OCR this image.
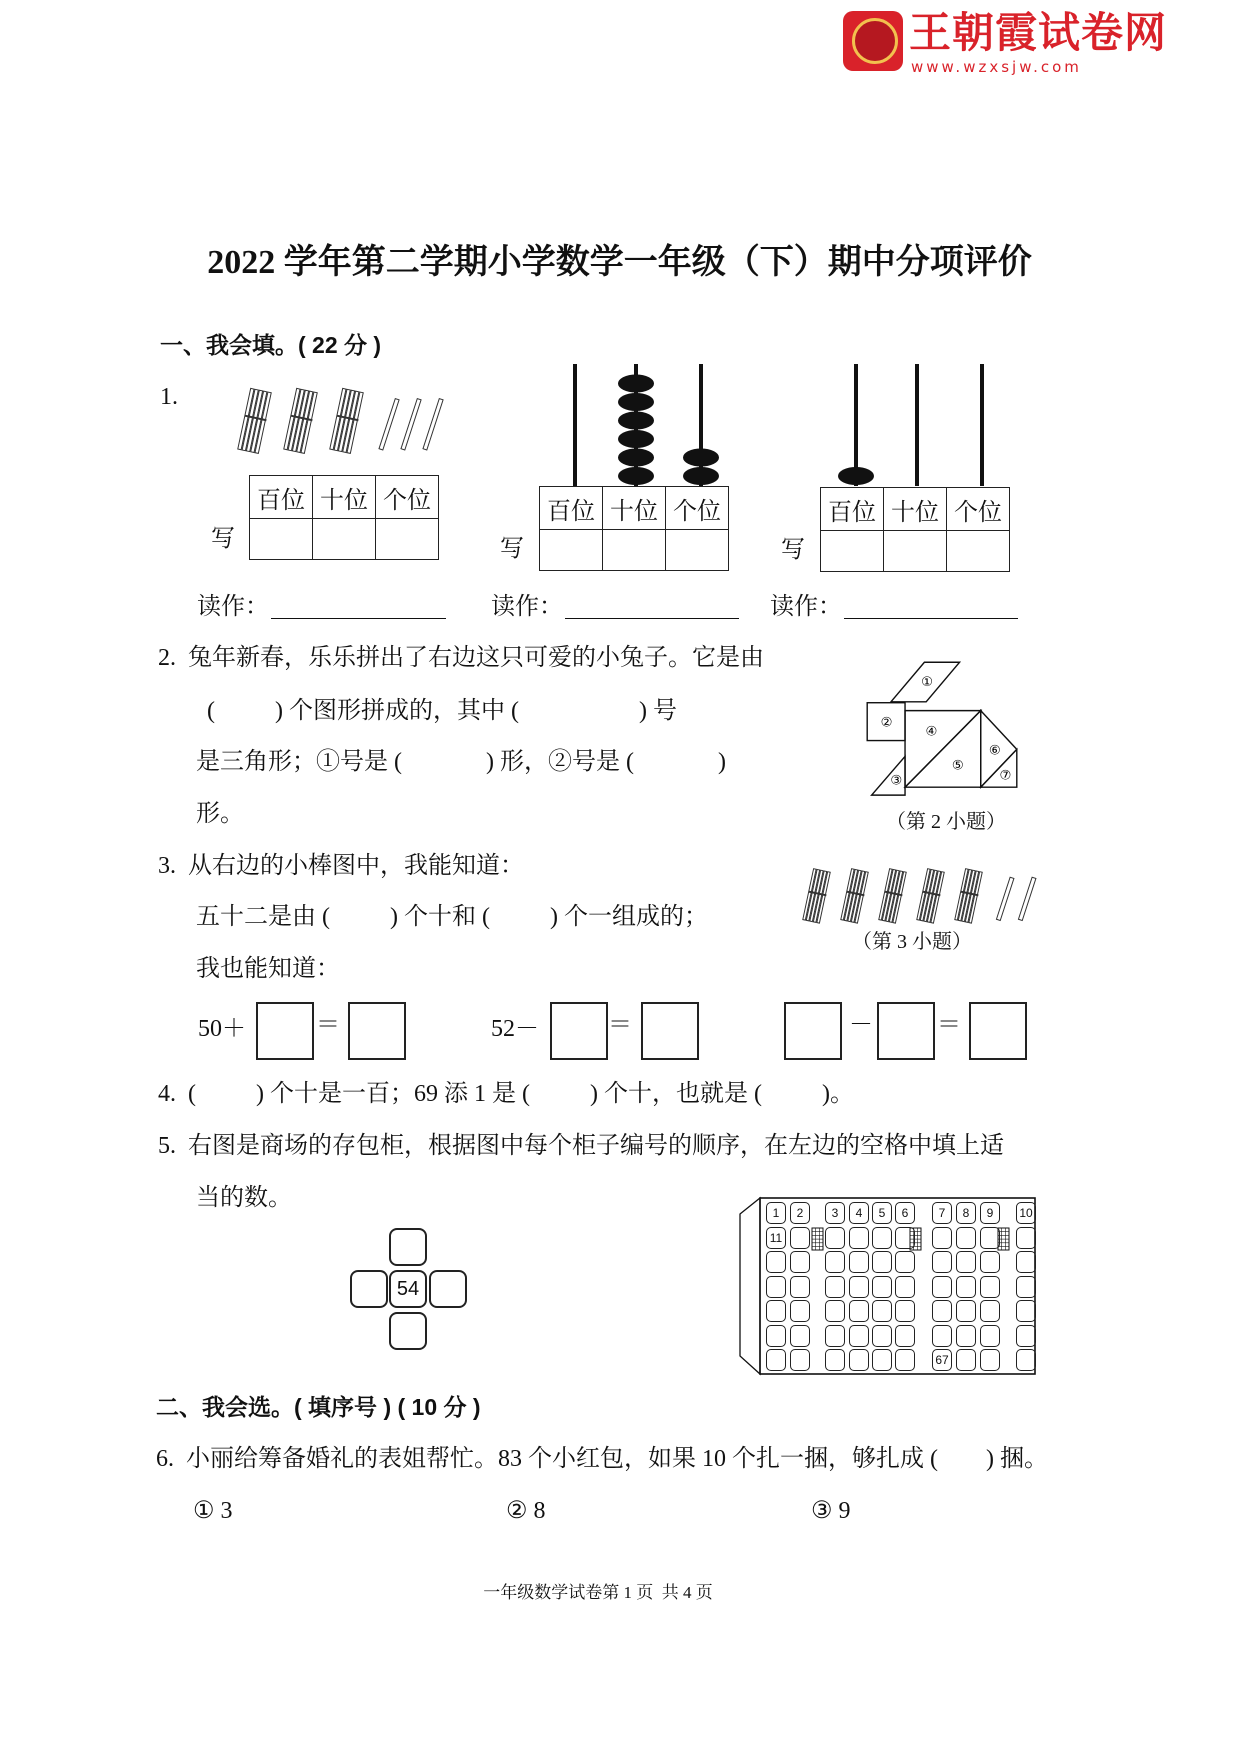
王朝霞试卷网

www.wzxsjw.com

2022 学年第二学期小学数学一年级（下）期中分项评价
一、我会填。( 22 分 )
1.
百位	十位	个位

写
百位	十位	个位

写
百位	十位	个位

写
读作：	读作：	读作：
2.  兔年新春，乐乐拼出了右边这只可爱的小兔子。它是由
(          ) 个图形拼成的，其中 (                    ) 号
是三角形；①号是 (              ) 形，②号是 (              )
形。
①
②
③
④
⑤
⑥
⑦
（第 2 小题）
3.  从右边的小棒图中，我能知道：
五十二是由 (          ) 个十和 (          ) 个一组成的；
我也能知道：
（第 3 小题）
50＋	＝	52－	＝	－	＝
4.  (          ) 个十是一百；69 添 1 是 (          ) 个十，也就是 (          )。
5.  右图是商场的存包柜，根据图中每个柜子编号的顺序，在左边的空格中填上适
当的数。
54

1	2	3	4	5	6	7	8	9	10
11
67
二、我会选。( 填序号 ) ( 10 分 )
6.  小丽给筹备婚礼的表姐帮忙。83 个小红包，如果 10 个扎一捆，够扎成 (        ) 捆。
① 3	② 8	③ 9
一年级数学试卷第 1 页  共 4 页
